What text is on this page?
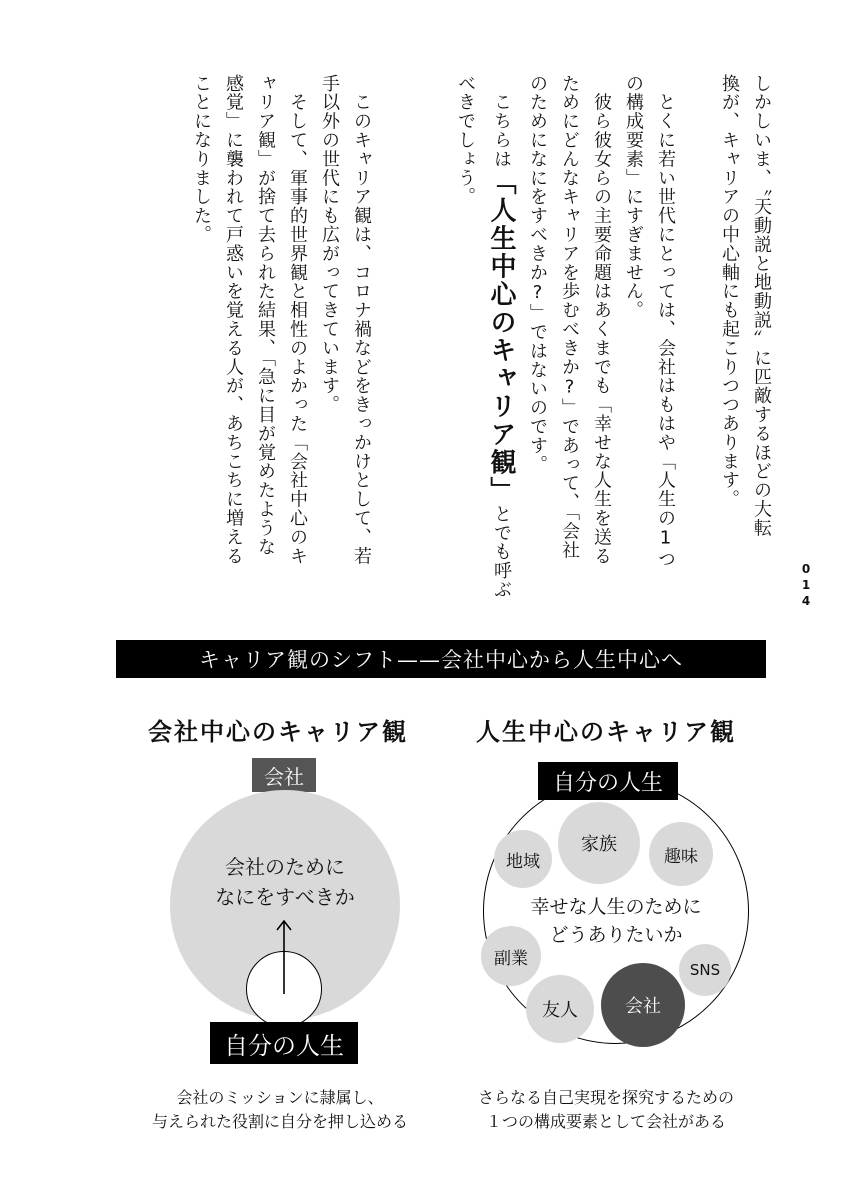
しかしいま、〝天動説と地動説〟に匹敵するほどの大転
換が、キャリアの中心軸にも起こりつつあります。

　とくに若い世代にとっては、会社はもはや「人生の1つ
の構成要素」にすぎません。
　彼ら彼女らの主要命題はあくまでも「幸せな人生を送る
ためにどんなキャリアを歩むべきか?」であって、「会社
のためになにをすべきか?」ではないのです。
　こちらは「人生中心のキャリア観」とでも呼ぶ
べきでしょう。
　このキャリア観は、コロナ禍などをきっかけとして、若
手以外の世代にも広がってきています。
　そして、軍事的世界観と相性のよかった「会社中心のキ
ャリア観」が捨て去られた結果、「急に目が覚めたような
感覚」に襲われて戸惑いを覚える人が、あちこちに増える
ことになりました。
014
キャリア観のシフト——会社中心から人生中心へ
会社中心のキャリア観
会社
会社のために
なにをすべきか
自分の人生
会社のミッションに隷属し、
与えられた役割に自分を押し込める
人生中心のキャリア観
自分の人生
地域
家族
趣味
幸せな人生のために
どうありたいか
副業
SNS
友人	会社
さらなる自己実現を探究するための
１つの構成要素として会社がある
